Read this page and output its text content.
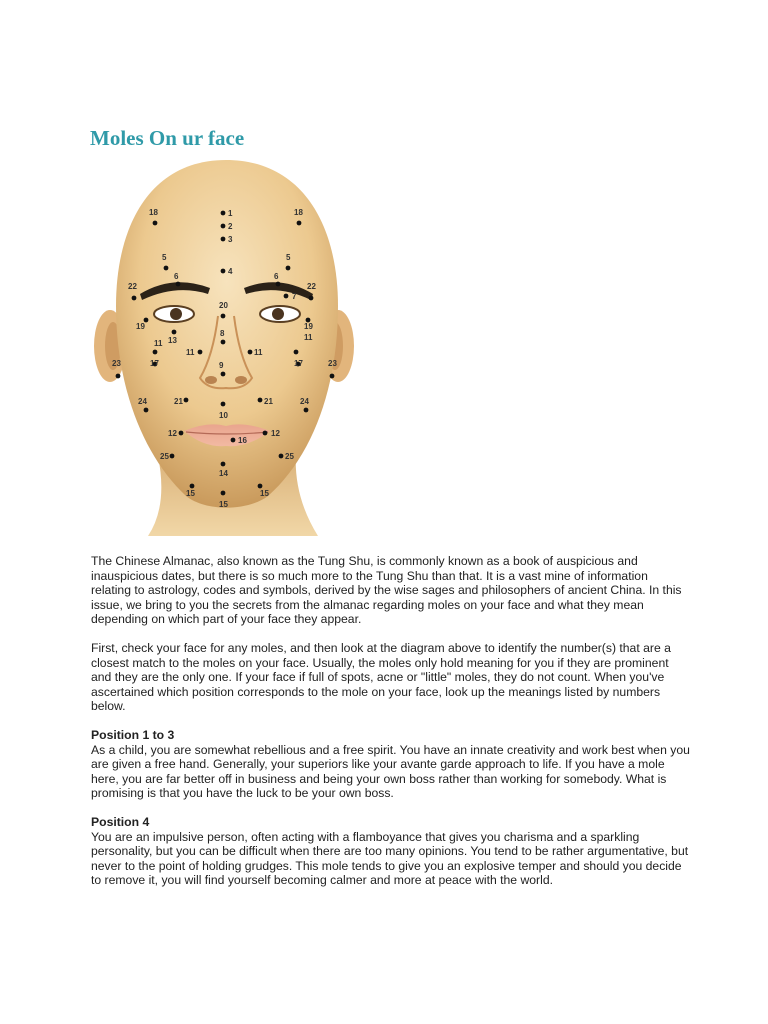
Moles On ur face
18	18
1
2
3
4
5	5
6	6
22	22
7
20
19	19
8
13
11	11
11
11
17	17
9
23	23
24	24
21	21
10
12	12
16
25	25
14
15
15
15

The Chinese Almanac, also known as the Tung Shu, is commonly known as a book of auspicious and inauspicious dates, but there is so much more to the Tung Shu than that. It is a vast mine of information relating to astrology, codes and symbols, derived by the wise sages and philosophers of ancient China. In this issue, we bring to you the secrets from the almanac regarding moles on your face and what they mean depending on which part of your face they appear.

First, check your face for any moles, and then look at the diagram above to identify the number(s) that are a closest match to the moles on your face. Usually, the moles only hold meaning for you if they are prominent and they are the only one. If your face if full of spots, acne or "little" moles, they do not count. When you've ascertained which position corresponds to the mole on your face, look up the meanings listed by numbers below.

Position 1 to 3

As a child, you are somewhat rebellious and a free spirit. You have an innate creativity and work best when you are given a free hand. Generally, your superiors like your avante garde approach to life. If you have a mole here, you are far better off in business and being your own boss rather than working for somebody. What is promising is that you have the luck to be your own boss.

Position 4

You are an impulsive person, often acting with a flamboyance that gives you charisma and a sparkling personality, but you can be difficult when there are too many opinions. You tend to be rather argumentative, but never to the point of holding grudges. This mole tends to give you an explosive temper and should you decide to remove it, you will find yourself becoming calmer and more at peace with the world.
